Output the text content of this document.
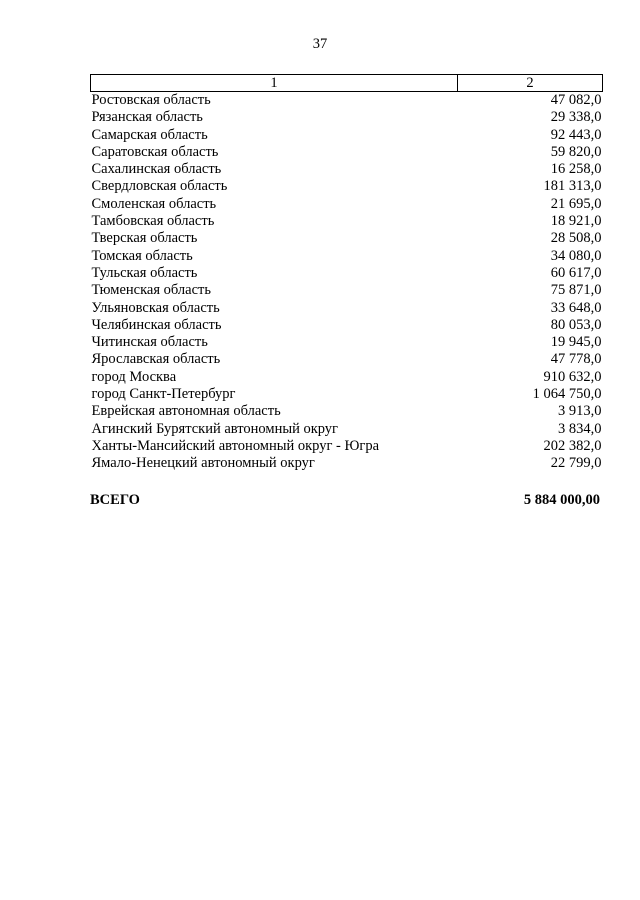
37
1	2
Ростовская область	47 082,0
Рязанская область	29 338,0
Самарская область	92 443,0
Саратовская область	59 820,0
Сахалинская область	16 258,0
Свердловская область	181 313,0
Смоленская область	21 695,0
Тамбовская область	18 921,0
Тверская область	28 508,0
Томская область	34 080,0
Тульская область	60 617,0
Тюменская область	75 871,0
Ульяновская область	33 648,0
Челябинская область	80 053,0
Читинская область	19 945,0
Ярославская область	47 778,0
город Москва	910 632,0
город Санкт-Петербург	1 064 750,0
Еврейская автономная область	3 913,0
Агинский Бурятский автономный округ	3 834,0
Ханты-Мансийский автономный округ - Югра	202 382,0
Ямало-Ненецкий автономный округ	22 799,0
ВСЕГО	5 884 000,00
